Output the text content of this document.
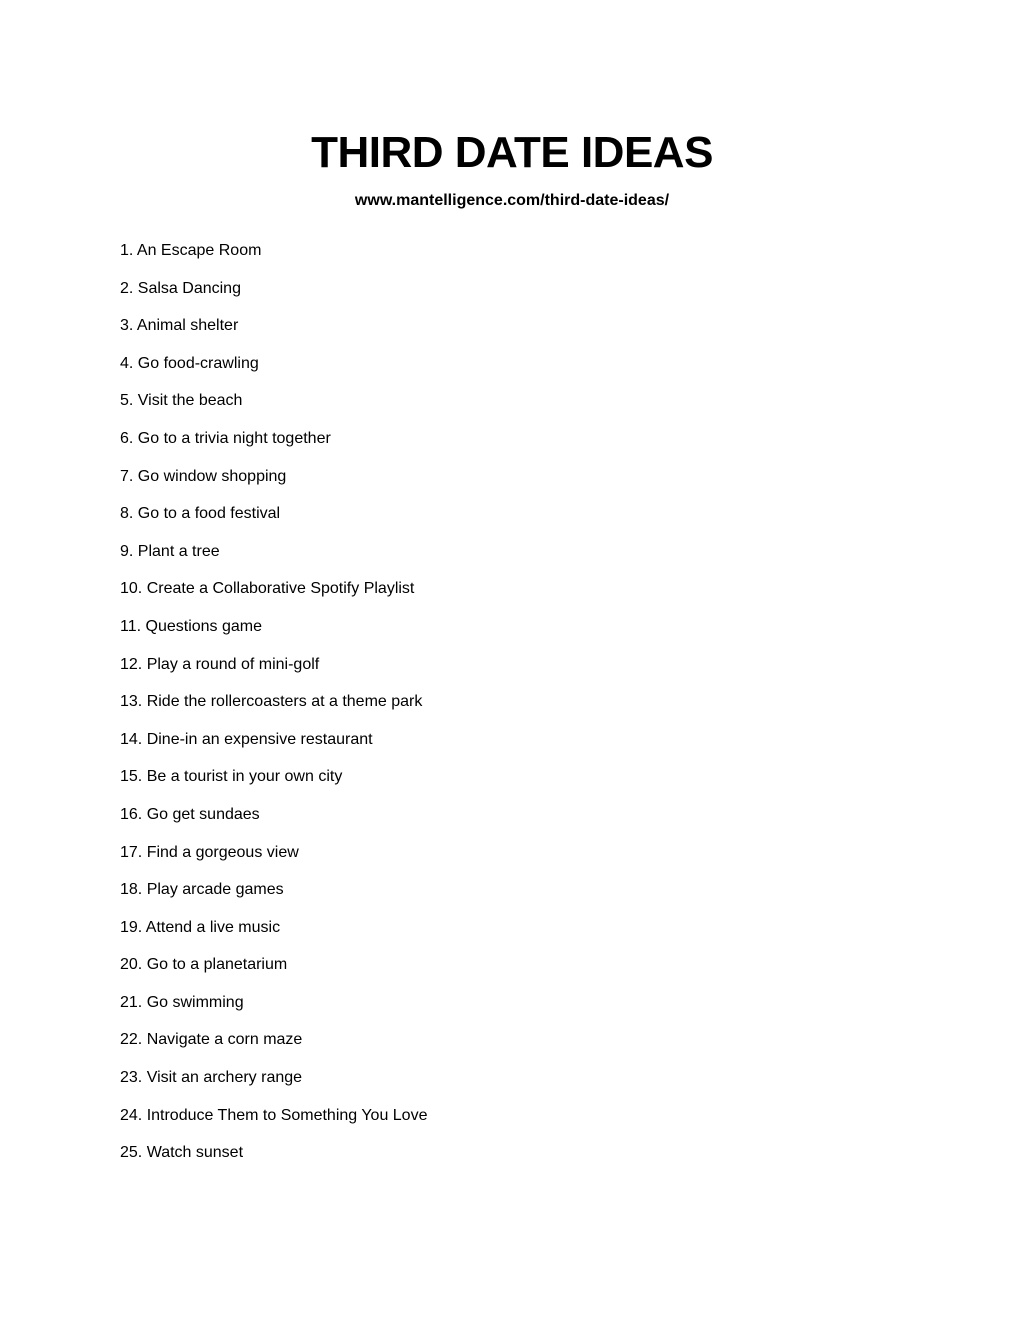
THIRD DATE IDEAS
www.mantelligence.com/third-date-ideas/
1. An Escape Room
2. Salsa Dancing
3. Animal shelter
4. Go food-crawling
5. Visit the beach
6. Go to a trivia night together
7. Go window shopping
8. Go to a food festival
9. Plant a tree
10. Create a Collaborative Spotify Playlist
11. Questions game
12. Play a round of mini-golf
13. Ride the rollercoasters at a theme park
14. Dine-in an expensive restaurant
15. Be a tourist in your own city
16. Go get sundaes
17. Find a gorgeous view
18. Play arcade games
19. Attend a live music
20. Go to a planetarium
21. Go swimming
22. Navigate a corn maze
23. Visit an archery range
24. Introduce Them to Something You Love
25. Watch sunset
